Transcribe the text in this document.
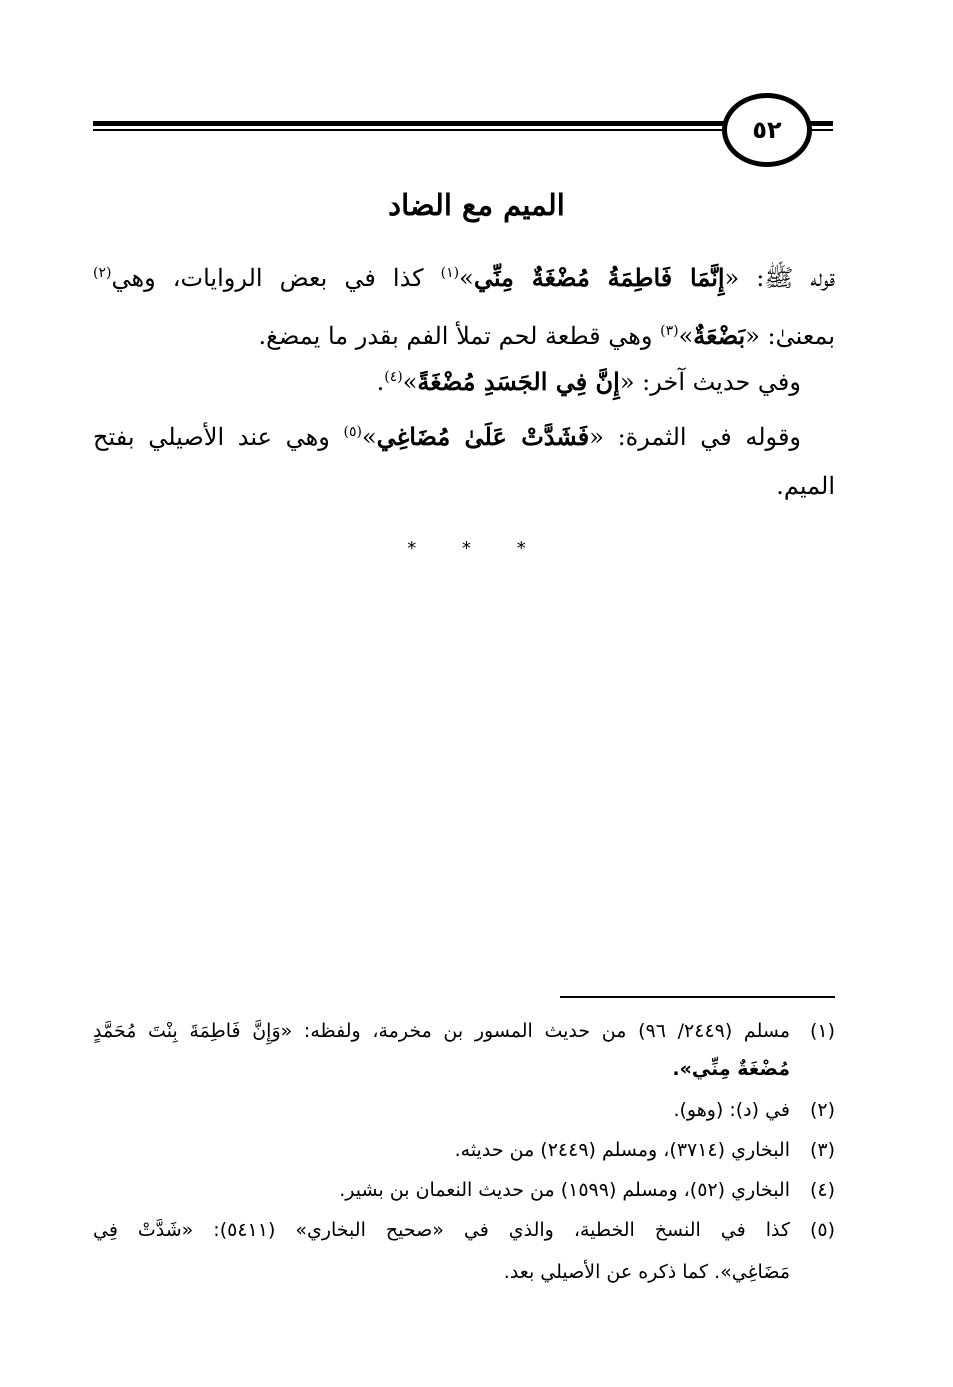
٥٢
الميم مع الضاد
قوله ﷺ: «إِنَّمَا فَاطِمَةُ مُضْغَةٌ مِنِّي»$^{(١)}$ كذا في بعض الروايات، وهي$^{(٢)}$
بمعنىٰ: «بَضْعَةٌ»$^{(٣)}$ وهي قطعة لحم تملأ الفم بقدر ما يمضغ.
وفي حديث آخر: «إِنَّ فِي الجَسَدِ مُضْغَةً»$^{(٤)}$.
وقوله في الثمرة: «فَشَدَّتْ عَلَىٰ مُضَاغِي»$^{(٥)}$ وهي عند الأصيلي بفتح
الميم.
* * *
(١)
مسلم (٢٤٤٩/ ٩٦) من حديث المسور بن مخرمة، ولفظه: «وَإِنَّ فَاطِمَةَ بِنْتَ مُحَمَّدٍ
مُضْغَةٌ مِنِّي».
(٢)
في (د): (وهو).
(٣)
البخاري (٣٧١٤)، ومسلم (٢٤٤٩) من حديثه.
(٤)
البخاري (٥٢)، ومسلم (١٥٩٩) من حديث النعمان بن بشير.
(٥)
كذا في النسخ الخطية، والذي في «صحيح البخاري» (٥٤١١): «شَدَّتْ فِي
مَضَاغِي». كما ذكره عن الأصيلي بعد.
